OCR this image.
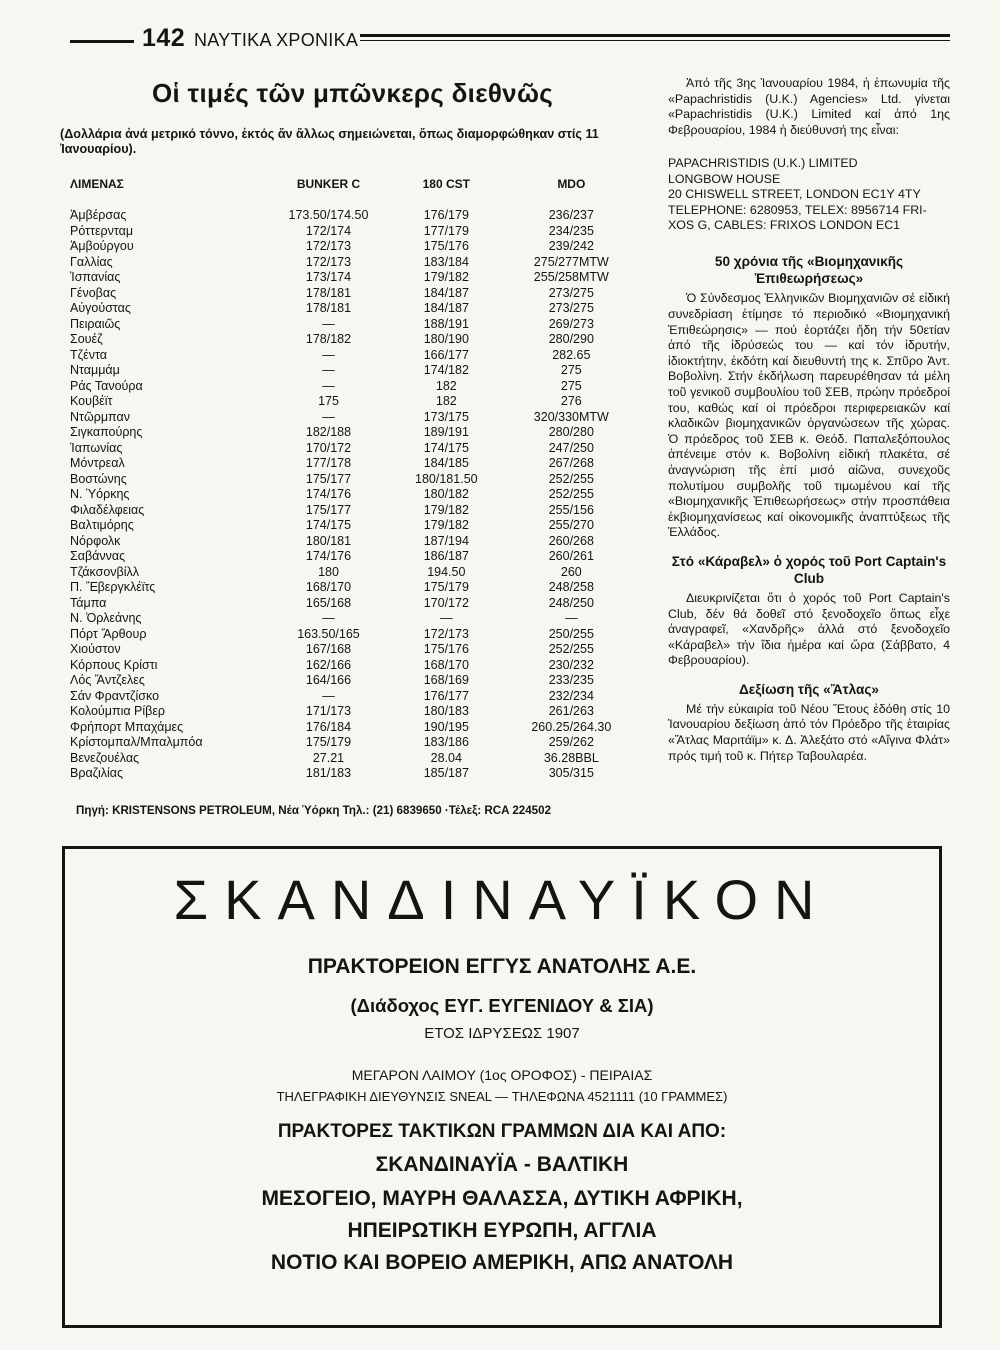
142 ΝΑΥΤΙΚΑ ΧΡΟΝΙΚΑ
Οἱ τιμές τῶν μπῶνκερς διεθνῶς
(Δολλάρια ἀνά μετρικό τόννο, ἐκτός ἄν ἄλλως σημειώνεται, ὅπως διαμορφώθηκαν στίς 11 Ἰανουαρίου).
ΛΙΜΕΝΑΣ	BUNKER C	180 CST	MDO
Ἀμβέρσας	173.50/174.50	176/179	236/237
Ρόττερνταμ	172/174	177/179	234/235
Ἀμβούργου	172/173	175/176	239/242
Γαλλίας	172/173	183/184	275/277MTW
Ἰσπανίας	173/174	179/182	255/258MTW
Γένοβας	178/181	184/187	273/275
Αὐγούστας	178/181	184/187	273/275
Πειραιῶς	—	188/191	269/273
Σουέζ	178/182	180/190	280/290
Τζέντα	—	166/177	282.65
Νταμμάμ	—	174/182	275
Ράς Τανούρα	—	182	275
Κουβέϊτ	175	182	276
Ντῶρμπαν	—	173/175	320/330MTW
Σιγκαπούρης	182/188	189/191	280/280
Ἰαπωνίας	170/172	174/175	247/250
Μόντρεαλ	177/178	184/185	267/268
Βοστώνης	175/177	180/181.50	252/255
Ν. Ὑόρκης	174/176	180/182	252/255
Φιλαδέλφειας	175/177	179/182	255/156
Βαλτιμόρης	174/175	179/182	255/270
Νόρφολκ	180/181	187/194	260/268
Σαβάννας	174/176	186/187	260/261
Τζάκσονβίλλ	180	194.50	260
Π. Ἔβεργκλέϊτς	168/170	175/179	248/258
Τάμπα	165/168	170/172	248/250
Ν. Ὀρλεάνης	—	—	—
Πόρτ Ἄρθουρ	163.50/165	172/173	250/255
Χιούστον	167/168	175/176	252/255
Κόρπους Κρίστι	162/166	168/170	230/232
Λός Ἄντζελες	164/166	168/169	233/235
Σάν Φραντζίσκο	—	176/177	232/234
Κολούμπια Ρίβερ	171/173	180/183	261/263
Φρήπορτ Μπαχάμες	176/184	190/195	260.25/264.30
Κρίστομπαλ/Μπαλμπόα	175/179	183/186	259/262
Βενεζουέλας	27.21	28.04	36.28BBL
Βραζιλίας	181/183	185/187	305/315
Πηγή: KRISTENSONS PETROLEUM, Νέα Ὑόρκη Τηλ.: (21) 6839650 ·Τέλεξ: RCA 224502

Ἀπό τῆς 3ης Ἰανουαρίου 1984, ἡ ἐπωνυμία τῆς «Papachristidis (U.K.) Agencies» Ltd. γίνεται «Papachristidis (U.K.) Limited καί ἀπό 1ης Φεβρουαρίου, 1984 ἡ διεύθυνσή της εἶναι:

PAPACHRISTIDIS (U.K.) LIMITED
LONGBOW HOUSE
20 CHISWELL STREET, LONDON EC1Y 4TY
TELEPHONE: 6280953, TELEX: 8956714 FRI-
XOS G, CABLES: FRIXOS LONDON EC1

50 χρόνια τῆς «Βιομηχανικῆς Ἐπιθεωρήσεως»

Ὁ Σύνδεσμος Ἑλληνικῶν Βιομηχανιῶν σέ εἰδική συνεδρίαση ἐτίμησε τό περιοδικό «Βιομηχανική Ἐπιθεώρησις» — πού ἑορτάζει ἤδη τήν 50ετίαν ἀπό τῆς ἱδρύσεώς του — καί τόν ἱδρυτήν, ἰδιοκτήτην, ἐκδότη καί διευθυντή της κ. Σπῦρο Ἀντ. Βοβολίνη. Στήν ἐκδήλωση παρευρέθησαν τά μέλη τοῦ γενικοῦ συμβουλίου τοῦ ΣΕΒ, πρώην πρόεδροί του, καθώς καί οἱ πρόεδροι περιφερειακῶν καί κλαδικῶν βιομηχανικῶν ὀργανώσεων τῆς χώρας. Ὁ πρόεδρος τοῦ ΣΕΒ κ. Θεόδ. Παπαλεξόπουλος ἀπένειμε στόν κ. Βοβολίνη εἰδική πλακέτα, σέ ἀναγνώριση τῆς ἐπί μισό αἰῶνα, συνεχοῦς πολυτίμου συμβολῆς τοῦ τιμωμένου καί τῆς «Βιομηχανικῆς Ἐπιθεωρήσεως» στήν προσπάθεια ἐκβιομηχανίσεως καί οἰκονομικῆς ἀναπτύξεως τῆς Ἑλλάδος.

Στό «Κάραβελ» ὁ χορός τοῦ Port Captain's Club

Διευκρινίζεται ὅτι ὁ χορός τοῦ Port Captain's Club, δέν θά δοθεῖ στό ξενοδοχεῖο ὅπως εἶχε ἀναγραφεῖ, «Χανδρῆς» ἀλλά στό ξενοδοχεῖο «Κάραβελ» τήν ἴδια ἡμέρα καί ὥρα (Σάββατο, 4 Φεβρουαρίου).

Δεξίωση τῆς «Ἄτλας»

Μέ τήν εὐκαιρία τοῦ Νέου Ἔτους ἐδόθη στίς 10 Ἰανουαρίου δεξίωση ἀπό τόν Πρόεδρο τῆς ἑταιρίας «Ἄτλας Μαριτάϊμ» κ. Δ. Ἀλεξάτο στό «Αἴγινα Φλάτ» πρός τιμή τοῦ κ. Πήτερ Ταβουλαρέα.

ΣΚΑΝΔΙΝΑΥΪΚΟΝ
ΠΡΑΚΤΟΡΕΙΟΝ ΕΓΓΥΣ ΑΝΑΤΟΛΗΣ Α.Ε.
(Διάδοχος ΕΥΓ. ΕΥΓΕΝΙΔΟΥ & ΣΙΑ)
ΕΤΟΣ ΙΔΡΥΣΕΩΣ 1907
ΜΕΓΑΡΟΝ ΛΑΙΜΟΥ (1ος ΟΡΟΦΟΣ) - ΠΕΙΡΑΙΑΣ
ΤΗΛΕΓΡΑΦΙΚΗ ΔΙΕΥΘΥΝΣΙΣ SNEAL — ΤΗΛΕΦΩΝΑ 4521111 (10 ΓΡΑΜΜΕΣ)
ΠΡΑΚΤΟΡΕΣ ΤΑΚΤΙΚΩΝ ΓΡΑΜΜΩΝ ΔΙΑ ΚΑΙ ΑΠΟ:
ΣΚΑΝΔΙΝΑΥΪΑ - ΒΑΛΤΙΚΗ
ΜΕΣΟΓΕΙΟ, ΜΑΥΡΗ ΘΑΛΑΣΣΑ, ΔΥΤΙΚΗ ΑΦΡΙΚΗ,
ΗΠΕΙΡΩΤΙΚΗ ΕΥΡΩΠΗ, ΑΓΓΛΙΑ
ΝΟΤΙΟ ΚΑΙ ΒΟΡΕΙΟ ΑΜΕΡΙΚΗ, ΑΠΩ ΑΝΑΤΟΛΗ
